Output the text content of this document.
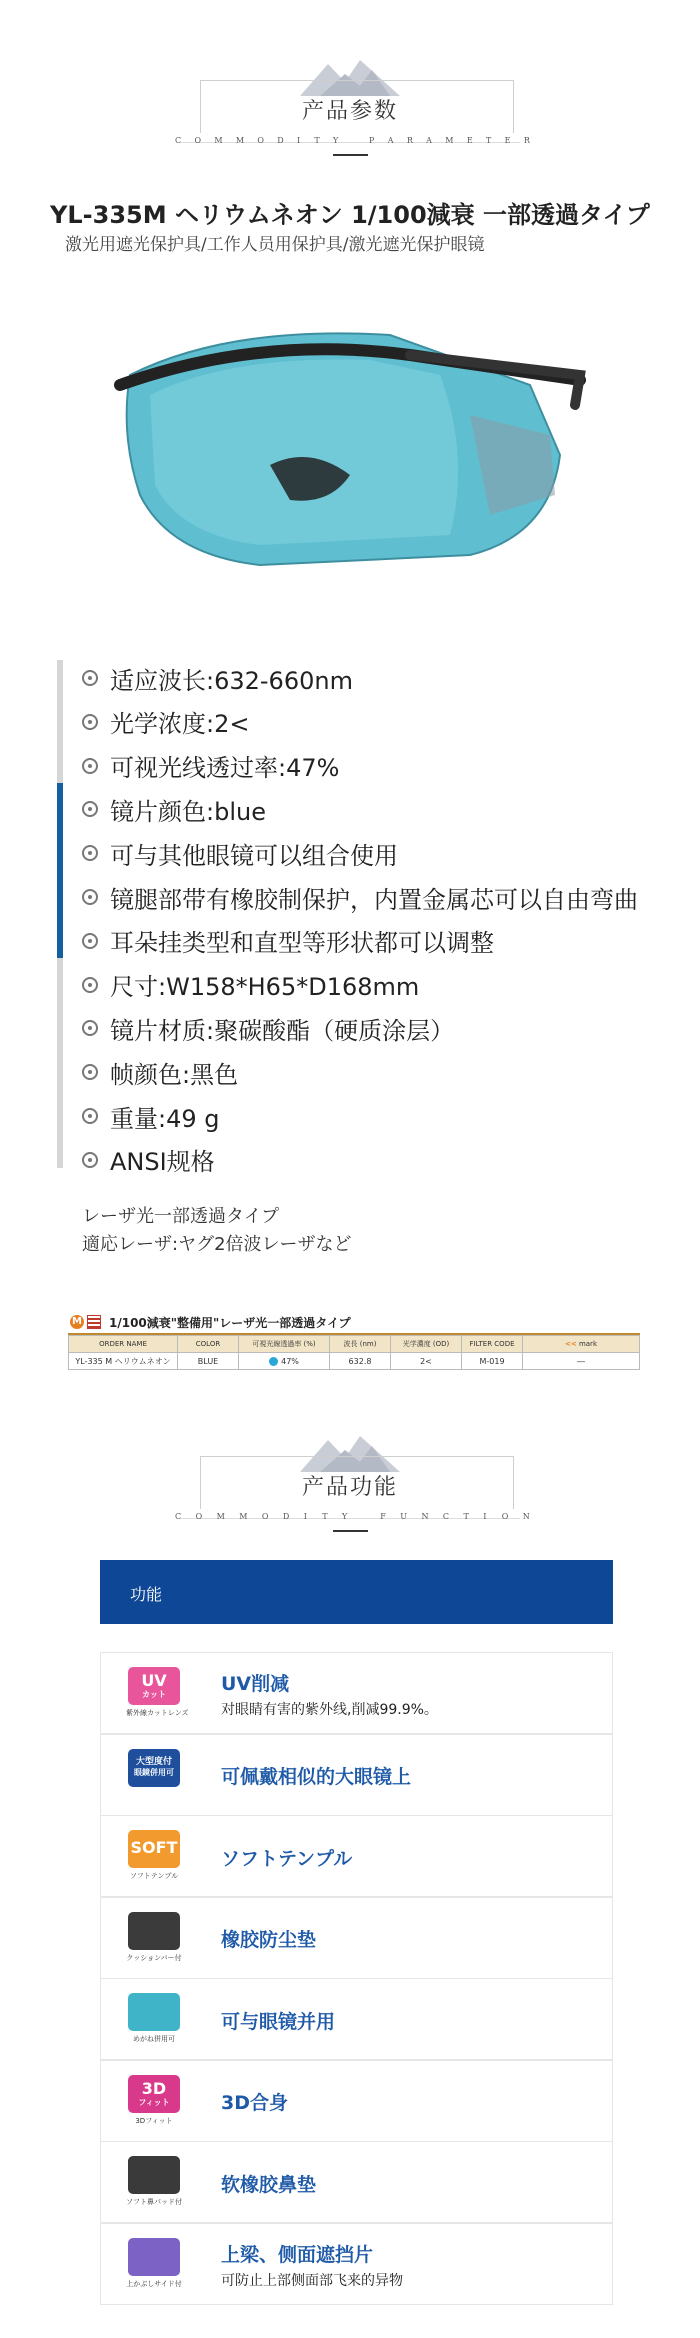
产品参数
C O M M O D I T Y	P A R A M E T E R
YL-335M ヘリウムネオン 1/100減衰 一部透過タイプ
激光用遮光保护具/工作人员用保护具/激光遮光保护眼镜
适应波长:632-660nm
光学浓度:2<
可视光线透过率:47%
镜片颜色:blue
可与其他眼镜可以组合使用
镜腿部带有橡胶制保护，内置金属芯可以自由弯曲
耳朵挂类型和直型等形状都可以调整
尺寸:W158*H65*D168mm
镜片材质:聚碳酸酯（硬质涂层）
帧颜色:黑色
重量:49 g
ANSI规格
レーザ光一部透過タイプ
適応レーザ:ヤグ2倍波レーザなど
M 1/100減衰"整備用"レーザ光一部透過タイプ
ORDER NAME	COLOR	可視光線透過率 (%)	波長 (nm)	光学濃度 (OD)	FILTER CODE	<< mark
YL-335 M ヘリウムネオン	BLUE	47%	632.8	2<	M-019	―
产品功能
C O M M O D I T Y	F U N C T I O N
功能
UV
カット
紫外線カットレンズ
UV削减
对眼睛有害的紫外线,削减99.9%。
大型度付
眼鏡併用可 可佩戴相似的大眼镜上
SOFT
ソフトテンプル
ソフトテンプル
クッションバー付
橡胶防尘垫
めがね併用可
可与眼镜并用
3D
フィット
3Dフィット
3D合身
ソフト鼻パッド付
软橡胶鼻垫
上かぶしサイド付
上梁、侧面遮挡片
可防止上部侧面部飞来的异物
